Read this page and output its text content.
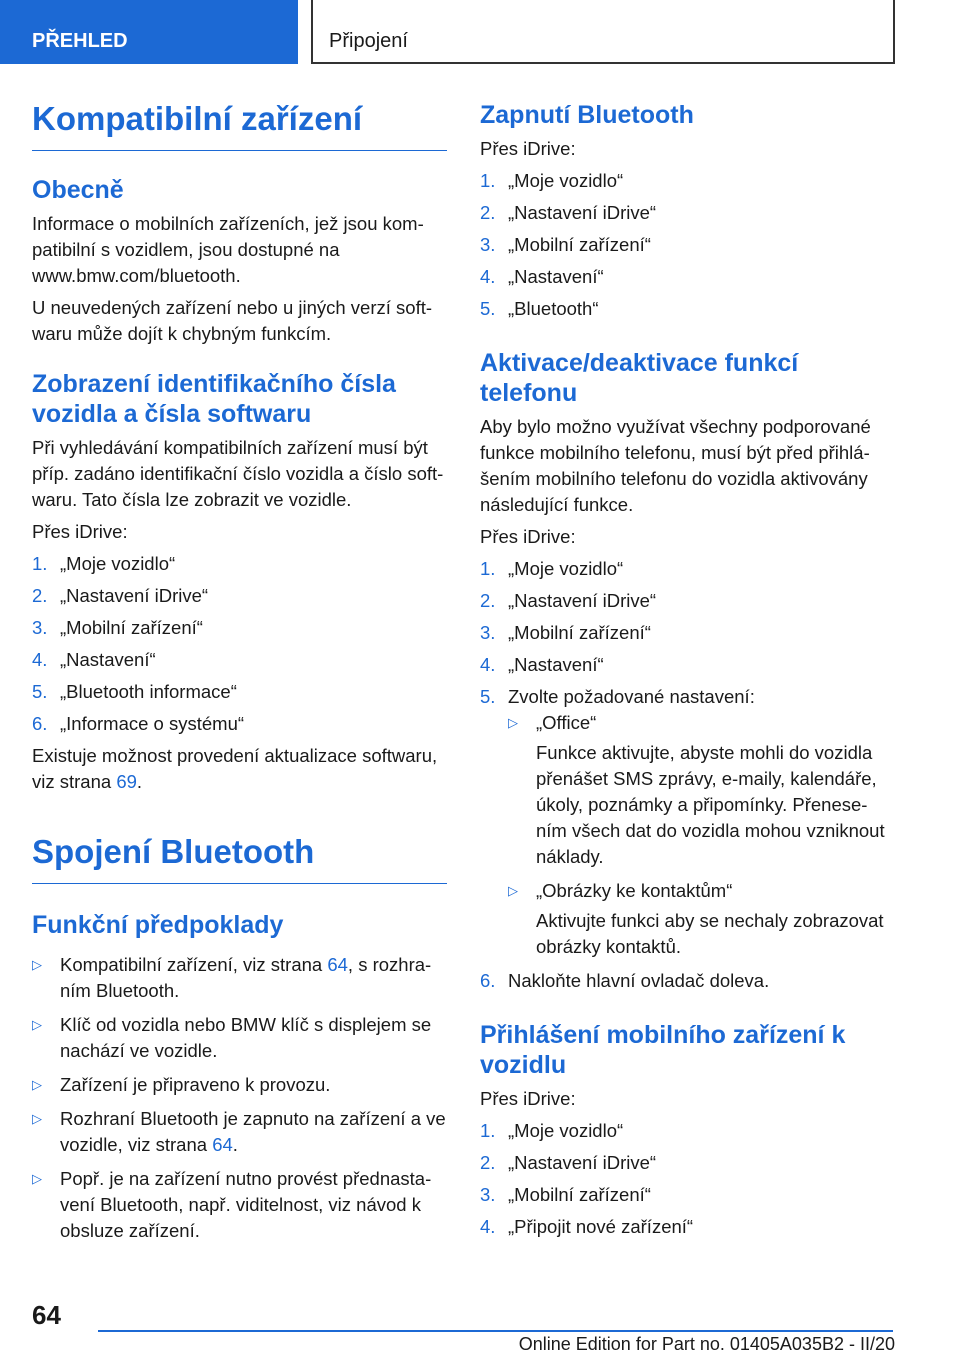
PŘEHLED	Připojení
Kompatibilní zařízení
Obecně

Informace o mobilních zařízeních, jež jsou kom- patibilní s vozidlem, jsou dostupné na www.bmw.com/bluetooth.

U neuvedených zařízení nebo u jiných verzí soft- waru může dojít k chybným funkcím.

Zobrazení identifikačního čísla vozidla a čísla softwaru

Při vyhledávání kompatibilních zařízení musí být příp. zadáno identifikační číslo vozidla a číslo soft- waru. Tato čísla lze zobrazit ve vozidle.

Přes iDrive:

1. „Moje vozidlo“
2. „Nastavení iDrive“
3. „Mobilní zařízení“
4. „Nastavení“
5. „Bluetooth informace“
6. „Informace o systému“

Existuje možnost provedení aktualizace softwaru, viz strana 69.

Spojení Bluetooth
Funkční předpoklady
▷ Kompatibilní zařízení, viz strana 64, s rozhra- ním Bluetooth.
▷ Klíč od vozidla nebo BMW klíč s displejem se nachází ve vozidle.
▷ Zařízení je připraveno k provozu.
▷ Rozhraní Bluetooth je zapnuto na zařízení a ve vozidle, viz strana 64.
▷ Popř. je na zařízení nutno provést přednasta- vení Bluetooth, např. viditelnost, viz návod k obsluze zařízení.
Zapnutí Bluetooth

Přes iDrive:

1. „Moje vozidlo“
2. „Nastavení iDrive“
3. „Mobilní zařízení“
4. „Nastavení“
5. „Bluetooth“
Aktivace/deaktivace funkcí telefonu

Aby bylo možno využívat všechny podporované funkce mobilního telefonu, musí být před přihlá- šením mobilního telefonu do vozidla aktivovány následující funkce.

Přes iDrive:

1. „Moje vozidlo“
2. „Nastavení iDrive“
3. „Mobilní zařízení“
4. „Nastavení“
5. Zvolte požadované nastavení:
▷ „Office“

Funkce aktivujte, abyste mohli do vozidla přenášet SMS zprávy, e-maily, kalendáře, úkoly, poznámky a připomínky. Přenese- ním všech dat do vozidla mohou vzniknout náklady.

▷ „Obrázky ke kontaktům“

Aktivujte funkci aby se nechaly zobrazovat obrázky kontaktů.

6. Nakloňte hlavní ovladač doleva.
Přihlášení mobilního zařízení k vozidlu

Přes iDrive:

1. „Moje vozidlo“
2. „Nastavení iDrive“
3. „Mobilní zařízení“
4. „Připojit nové zařízení“
64
Online Edition for Part no. 01405A035B2 - II/20
